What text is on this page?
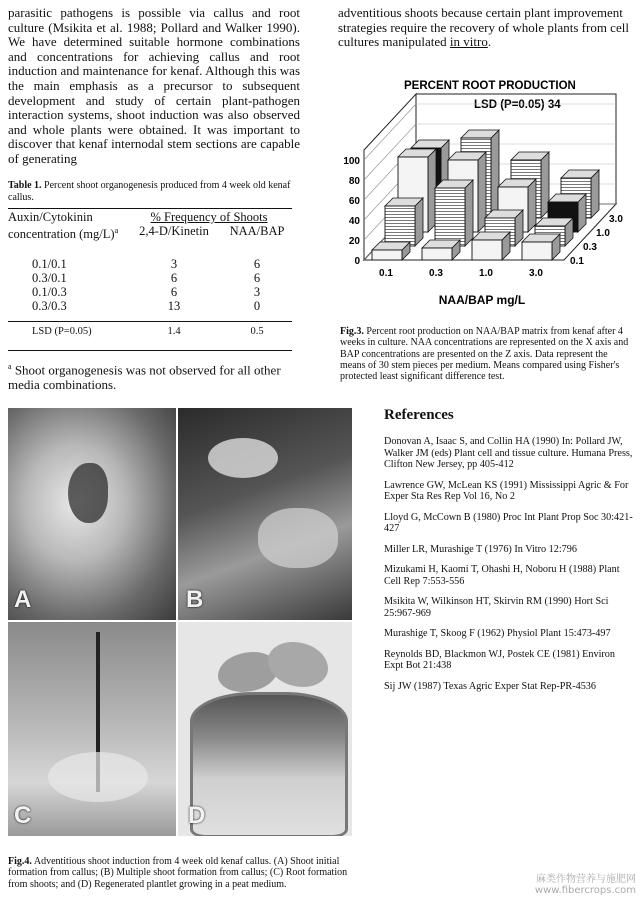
parasitic pathogens is possible via callus and root culture (Msikita et al. 1988; Pollard and Walker 1990). We have determined suitable hormone combinations and concentrations for achieving callus and root induction and maintenance for kenaf. Although this was the main emphasis as a precursor to subsequent development and study of certain plant-pathogen interaction systems, shoot induction was also observed and whole plants were obtained. It was important to discover that kenaf internodal stem sections are capable of generating
adventitious shoots because certain plant improvement strategies require the recovery of whole plants from cell cultures manipulated in vitro.
Table 1. Percent shoot organogenesis produced from 4 week old kenaf callus.
Auxin/Cytokinin	% Frequency of Shoots	
concentration $(mg/L)^a$	2,4-D/Kinetin	NAA/BAP

0.1/0.1	3	6
0.3/0.1	6	6
0.1/0.3	6	3
0.3/0.3	13	0

LSD (P=0.05)	1.4	0.5
$^a$ Shoot organogenesis was not observed for all other media combinations.
PERCENT ROOT PRODUCTION
LSD (P=0.05) 34
0
20
40
60
80
100
0.1	0.3	1.0	3.0
0.1
0.3
1.0
3.0
NAA/BAP mg/L
Fig.3. Percent root production on NAA/BAP matrix from kenaf after 4 weeks in culture. NAA concentrations are represented on the X axis and BAP concentrations are presented on the Z axis. Data represent the means of 30 stem pieces per medium. Means compared using Fisher's protected least significant difference test.
A	B
C	D
Fig.4. Adventitious shoot induction from 4 week old kenaf callus. (A) Shoot initial formation from callus; (B) Multiple shoot formation from callus; (C) Root formation from shoots; and (D) Regenerated plantlet growing in a peat medium.
References

Donovan A, Isaac S, and Collin HA (1990) In: Pollard JW, Walker JM (eds) Plant cell and tissue culture. Humana Press, Clifton New Jersey, pp 405-412

Lawrence GW, McLean KS (1991) Mississippi Agric & For Exper Sta Res Rep Vol 16, No 2

Lloyd G, McCown B (1980) Proc Int Plant Prop Soc 30:421-427

Miller LR, Murashige T (1976) In Vitro 12:796

Mizukami H, Kaomi T, Ohashi H, Noboru H (1988) Plant Cell Rep 7:553-556

Msikita W, Wilkinson HT, Skirvin RM (1990) Hort Sci 25:967-969

Murashige T, Skoog F (1962) Physiol Plant 15:473-497

Reynolds BD, Blackmon WJ, Postek CE (1981) Environ Expt Bot 21:438

Sij JW (1987) Texas Agric Exper Stat Rep-PR-4536

麻类作物营养与施肥网
www.fibercrops.com
